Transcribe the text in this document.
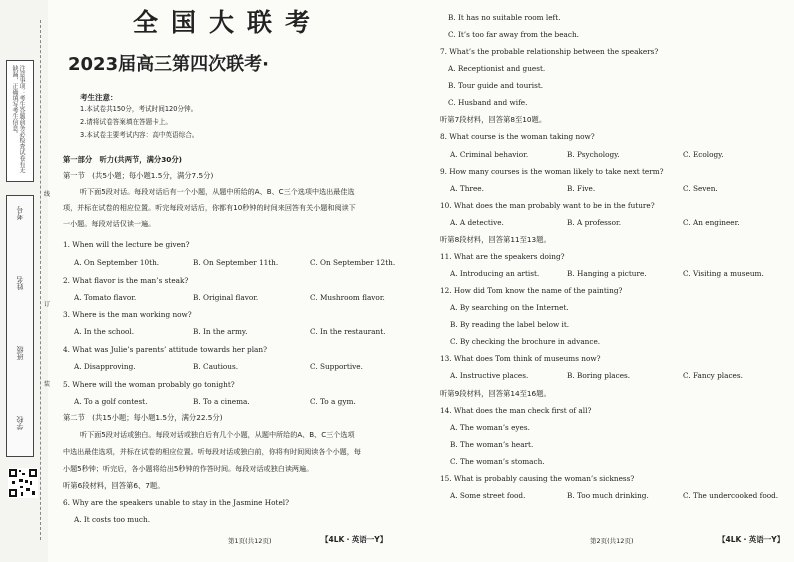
注意事项：考生答题前务必检查试卷有无缺漏，正确填写考生信息。
考号
姓名
班级
学校
线
订
装
全国大联考
2023届高三第四次联考·
考生注意：
1.本试卷共150分，考试时间120分钟。
2.请将试卷答案填在答题卡上。
3.本试卷主要考试内容：高中英语综合。
第一部分　听力(共两节，满分30分)
第一节　(共5小题；每小题1.5分，满分7.5分)
听下面5段对话。每段对话后有一个小题，从题中所给的A、B、C三个选项中选出最佳选
项，并标在试卷的相应位置。听完每段对话后，你都有10秒钟的时间来回答有关小题和阅读下
一小题。每段对话仅读一遍。
1. When will the lecture be given?
A. On September 10th.	B. On September 11th.	C. On September 12th.
2. What flavor is the man’s steak?
A. Tomato flavor.	B. Original flavor.	C. Mushroom flavor.
3. Where is the man working now?
A. In the school.	B. In the army.	C. In the restaurant.
4. What was Julie’s parents’ attitude towards her plan?
A. Disapproving.	B. Cautious.	C. Supportive.
5. Where will the woman probably go tonight?
A. To a golf contest.	B. To a cinema.	C. To a gym.
第二节　(共15小题；每小题1.5分，满分22.5分)
听下面5段对话或独白。每段对话或独白后有几个小题，从题中所给的A、B、C三个选项
中选出最佳选项，并标在试卷的相应位置。听每段对话或独白前，你将有时间阅读各个小题，每
小题5秒钟；听完后，各小题将给出5秒钟的作答时间。每段对话或独白读两遍。
听第6段材料，回答第6、7题。
6. Why are the speakers unable to stay in the Jasmine Hotel?
A. It costs too much.
B. It has no suitable room left.
C. It’s too far away from the beach.
7. What’s the probable relationship between the speakers?
A. Receptionist and guest.
B. Tour guide and tourist.
C. Husband and wife.
听第7段材料，回答第8至10题。
8. What course is the woman taking now?
A. Criminal behavior.	B. Psychology.	C. Ecology.
9. How many courses is the woman likely to take next term?
A. Three.	B. Five.	C. Seven.
10. What does the man probably want to be in the future?
A. A detective.	B. A professor.	C. An engineer.
听第8段材料，回答第11至13题。
11. What are the speakers doing?
A. Introducing an artist.	B. Hanging a picture.	C. Visiting a museum.
12. How did Tom know the name of the painting?
A. By searching on the Internet.
B. By reading the label below it.
C. By checking the brochure in advance.
13. What does Tom think of museums now?
A. Instructive places.	B. Boring places.	C. Fancy places.
听第9段材料，回答第14至16题。
14. What does the man check first of all?
A. The woman’s eyes.
B. The woman’s heart.
C. The woman’s stomach.
15. What is probably causing the woman’s sickness?
A. Some street food.	B. Too much drinking.	C. The undercooked food.
第1页(共12页)	【4LK・英语一Y】	第2页(共12页)	【4LK・英语一Y】
